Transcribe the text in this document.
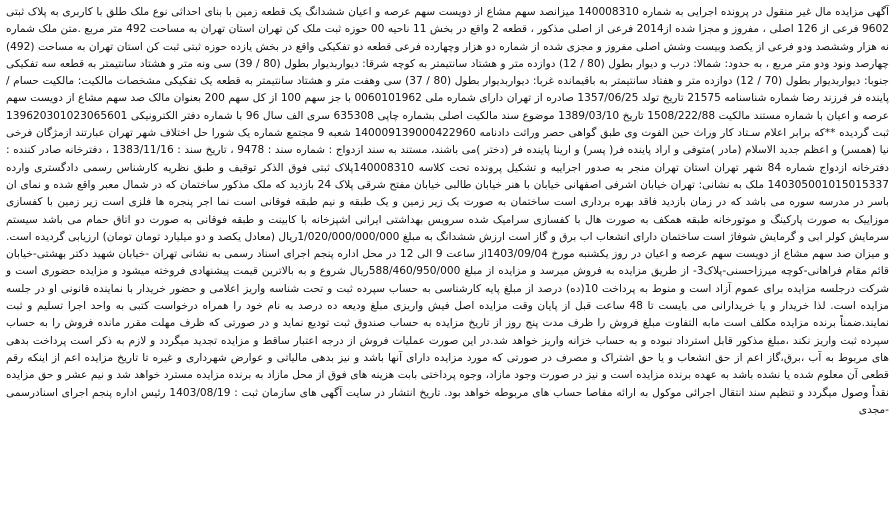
آگهی مزایده مال غیر منقول در پرونده اجرایی به شماره 140008310 میزانصد سهم مشاع از دویست سهم عرصه و اعیان ششدانگ یک قطعه زمین با بنای احداثی نوع ملک طلق با کاربری به پلاک ثبتی 9602 فرعی از 126 اصلی ، مفروز و مجزا شده از2014 فرعی از اصلی مذکور ، قطعه 2 واقع در بخش 11 ناحیه 00 حوزه ثبت ملک کن تهران استان تهران به مساحت 492 متر مربع .متن ملک شماره نه هزار وششصد ودو فرعی از یکصد وبیست وشش اصلی مفروز و مجزی شده از شماره دو هزار وچهارده فرعی قطعه دو تفکیکی واقع در بخش یازده حوزه ثبتی ثبت کن استان تهران به مساحت (492) چهارصد ونود ودو متر مربع ، به حدود: شمالا: درب و دیوار بطول (80 / 12) دوازده متر و هشتاد سانتیمتر به کوچه شرقا: دیواربدیوار بطول (80 / 39) سی ونه متر و هشتاد سانتیمتر به قطعه سه تفکیکی جنوبا: دیواربدیوار بطول (70 / 12) دوازده متر و هفتاد سانتیمتر به باقیمانده غربا: دیواربدیوار بطول (80 / 37) سی وهفت متر و هشتاد سانتیمتر به قطعه یک تفکیکی مشخصات مالکیت: مالکیت حسام / پاینده فر فرزند رضا شماره شناسنامه 21575 تاریخ تولد 1357/06/25 صادره از تهران دارای شماره ملی 0060101962 با جز سهم 100 از کل سهم 200 بعنوان مالک صد سهم مشاع از دویست سهم عرصه و اعیان با شماره مستند مالکیت 1508/222/88 تاریخ 1389/03/10 موضوع سند مالکیت اصلی بشماره چاپی 635308 سری الف سال 96 با شماره دفتر الکترونیکی 139620301023065601 ثبت گردیده **که برابر اعلام سـتاد کار وراث حین الفوت وی طبق گواهی حصر وراثت دادنامه 140009139000422960 شعبه 9 مجتمع شماره یک شورا حل اختلاف شهر تهران عبارتند ازمژگان فرخی نیا (همسر) و اعظم جدید الاسلام (مادر )متوفی و اراد پاینده فر( پسر) و ارینا پاینده فر (دختر )می باشند، مستند به سند ازدواج : شماره سند : 9478 ، تاریخ سند : 1383/11/16 ، دفترخانه صادر کننده : دفترخانه ازدواج شماره 84 شهر تهران استان تهران منجر به صدور اجراییه و تشکیل پرونده تحت کلاسه 140008310پلاک ثبتی فوق الذکر توقیف و طبق نظریه کارشناس رسمی دادگستری وارده 140305001015015337 ملک به نشانی: تهران خیابان اشرفی اصفهانی خیابان با هنر خیابان طالبی خیابان مفتح شرقی پلاک 24 بازدید که ملک مذکور ساختمان که در شمال معبر واقع شده و نمای ان باسر در مدرسه سوره می باشد که در زمان بازدید فاقد بهره برداری است ساختمان به صورت یک زیر زمین و یک طبقه و نیم طبقه فوقانی است نما اجر پنجره ها فلزی است زیر زمین با کفسازی موزاییک به صورت پارکینگ و موتورخانه طبقه همکف به صورت هال با کفسازی سرامیک شده سرویس بهداشتی ایرانی اشپزخانه با کابینت و طبقه فوقانی به صورت دو اتاق حمام می باشد سیستم سرمایش کولر ابی و گرمایش شوفاژ است ساختمان دارای انشعاب اب برق و گاز است ارزش ششدانگ به مبلغ 1/020/000/000/000ریال (معادل یکصد و دو میلیارد تومان تومان) ارزیابی گردیده است. و میزان صد سهم مشاع از دویست سهم عرصه و اعیان در روز یکشنبه مورخ 1403/09/04از ساعت 9 الی 12 در محل اداره پنجم اجرای اسناد رسمی به نشانی تهران -خیابان شهید دکتر بهشتی-خیابان قائم مقام فراهانی-کوچه میرزاحسنی-پلاک3- از طریق مزایده به فروش میرسد و مزایده از مبلغ 588/460/950/000ریال شروع و به بالاترین قیمت پیشنهادی فروخته میشود و مزایده حضوری است و شرکت درجلسه مزایده برای عموم آزاد است و منوط به پرداخت 10(ده) درصد از مبلغ پایه کارشناسی به حساب سپرده ثبت و تحت شناسه واریز اعلامی و حضور خریدار با نماینده قانونی او در جلسه مزایده است. لذا خریدار و یا خریدارانی می بایست تا 48 ساعت قبل از پایان وقت مزایده اصل فیش واریزی مبلغ ودیعه ده درصد به نام خود را همراه درخواست کتبی به واحد اجرا تسلیم و ثبت نمایند.ضمناً برنده مزایده مکلف است مابه التفاوت مبلغ فروش را ظرف مدت پنج روز از تاریخ مزایده به حساب صندوق ثبت تودیع نماید و در صورتی که ظرف مهلت مقرر مانده فروش را به حساب سپرده ثبت واریز نکند ،مبلغ مذکور قابل استرداد نبوده و به حساب خزانه واریز خواهد شد.در این صورت عملیات فروش از درجه اعتبار ساقط و مزایده تجدید میگردد و لازم به ذکر است پرداخت بدهی های مربوط به آب ،برق،گاز اعم از حق انشعاب و یا حق اشتراک و مصرف در صورتی که مورد مزایده دارای آنها باشد و نیز بدهی مالیاتی و عوارض شهرداری و غیره تا تاریخ مزایده اعم از اینکه رقم قطعی آن معلوم شده یا نشده باشد به عهده برنده مزایده است و نیز در صورت وجود مازاد، وجوه پرداختی بابت هزینه های فوق از محل مازاد به برنده مزایده مسترد خواهد شد و نیم عشر و حق مزایده نقداً وصول میگردد و تنظیم سند انتقال اجرائی موکول به ارائه مفاصا حساب های مربوطه خواهد بود. تاریخ انتشار در سایت آگهی های سازمان ثبت : 1403/08/19 رئیس اداره پنجم اجرای اسنادرسمی -مجدی
